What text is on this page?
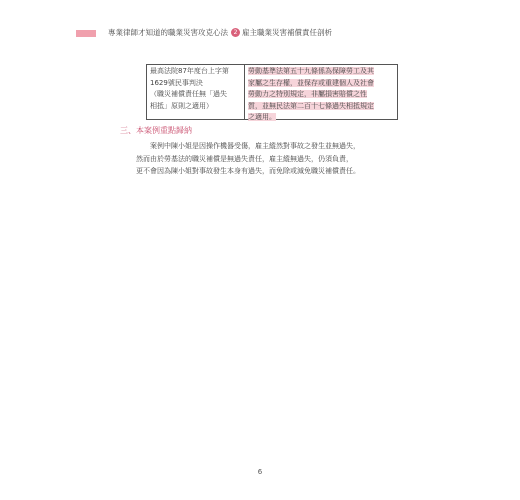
專業律師才知道的職業災害攻克心法 2 雇主職業災害補償責任剖析
最高法院87年度台上字第
1629號民事判決
（職災補償責任無「過失
相抵」原則之適用）
勞動基準法第五十九條係為保障勞工及其
家屬之生存權，並保存或重建個人及社會
勞動力之特別規定，非屬損害賠償之性
質，並無民法第二百十七條過失相抵規定
之適用。
三、本案例重點歸納
案例中陳小姐是因操作機器受傷，雇主縱然對事故之發生並無過失，
然而由於勞基法的職災補償是無過失責任，雇主縱無過失，仍須負責，
更不會因為陳小姐對事故發生本身有過失，而免除或減免職災補償責任。
6
